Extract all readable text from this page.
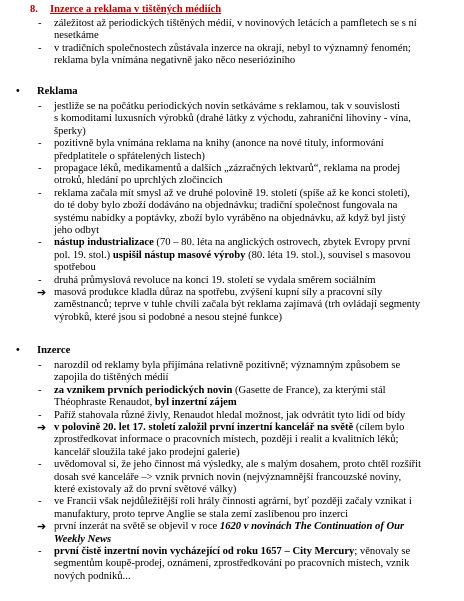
8. Inzerce a reklama v tištěných médiích
-	záležitost až periodických tištěných médií, v novinových letácích a pamfletech se s ní
nesetkáme
-	v tradičních společnostech zůstávala inzerce na okraji, nebyl to významný fenomén;
reklama byla vnímána negativně jako něco neserióziního
• Reklama
-	jestliže se na počátku periodických novin setkáváme s reklamou, tak v souvislosti
s komoditami luxusních výrobků (drahé látky z východu, zahraniční lihoviny - vína,
šperky)
-	pozitivně byla vnímána reklama na knihy (anonce na nové tituly, informování
předplatitele o spřátelených listech)
-	propagace léků, medikamentů a dalších „zázračných lektvarů“, reklama na prodej
otroků, hledání po uprchlých zločincích
-	reklama začala mít smysl až ve druhé polovině 19. století (spíše až ke konci století),
do té doby bylo zboží dodáváno na objednávku; tradiční společnost fungovala na
systému nabídky a poptávky, zboží bylo vyráběno na objednávku, až když byl jistý
jeho odbyt
-	nástup industrializace (70 – 80. léta na anglických ostrovech, zbytek Evropy první
pol. 19. stol.) uspišil nástup masové výroby (80. léta 19. stol.), souvisel s masovou
spotřebou
-	druhá průmyslová revoluce na konci 19. století se vydala směrem sociálním
➔ masová produkce kladla důraz na spotřebu, zvýšení kupní síly a pracovní síly
zaměstnanců; teprve v tuhle chvíli začala být reklama zajímavá (trh ovládají segmenty
výrobků, které jsou si podobné a nesou stejné funkce)
• Inzerce
-	narozdíl od reklamy byla přijímána relativně pozitivně; významným způsobem se
zapojila do tištěných médií
-	za vznikem prvních periodických novin (Gasette de France), za kterými stál
Théophraste Renaudot, byl inzertní zájem
-	Paříž stahovala různé živly, Renaudot hledal možnost, jak odvrátit tyto lidi od bídy
➔ v polovině 20. let 17. století založil první inzertní kancelář na světě (cílem bylo
zprostředkovat informace o pracovních místech, později i realit a kvalitních léků;
kancelář sloužila také jako prodejní galerie)
-	uvědomoval si, že jeho činnost má výsledky, ale s malým dosahem, proto chtěl rozšířit
dosah své kanceláře –> vznik prvních novin (nejvýznamnější francouzské noviny,
které existovaly až do první světové války)
-	ve Francii však nejdůležitější roli hrály činnosti agrární, byť později začaly vznikat i
manufaktury, proto teprve Anglie se stala zemí zaslíbenou pro inzerci
➔ první inzerát na světě se objevil v roce 1620 v novinách The Continuation of Our
Weekly News
-	první čistě inzertní novin vycházející od roku 1657 – City Mercury; věnovaly se
segmentům koupě-prodej, oznámení, zprostředkování po pracovních místech, vznik
nových podniků...
